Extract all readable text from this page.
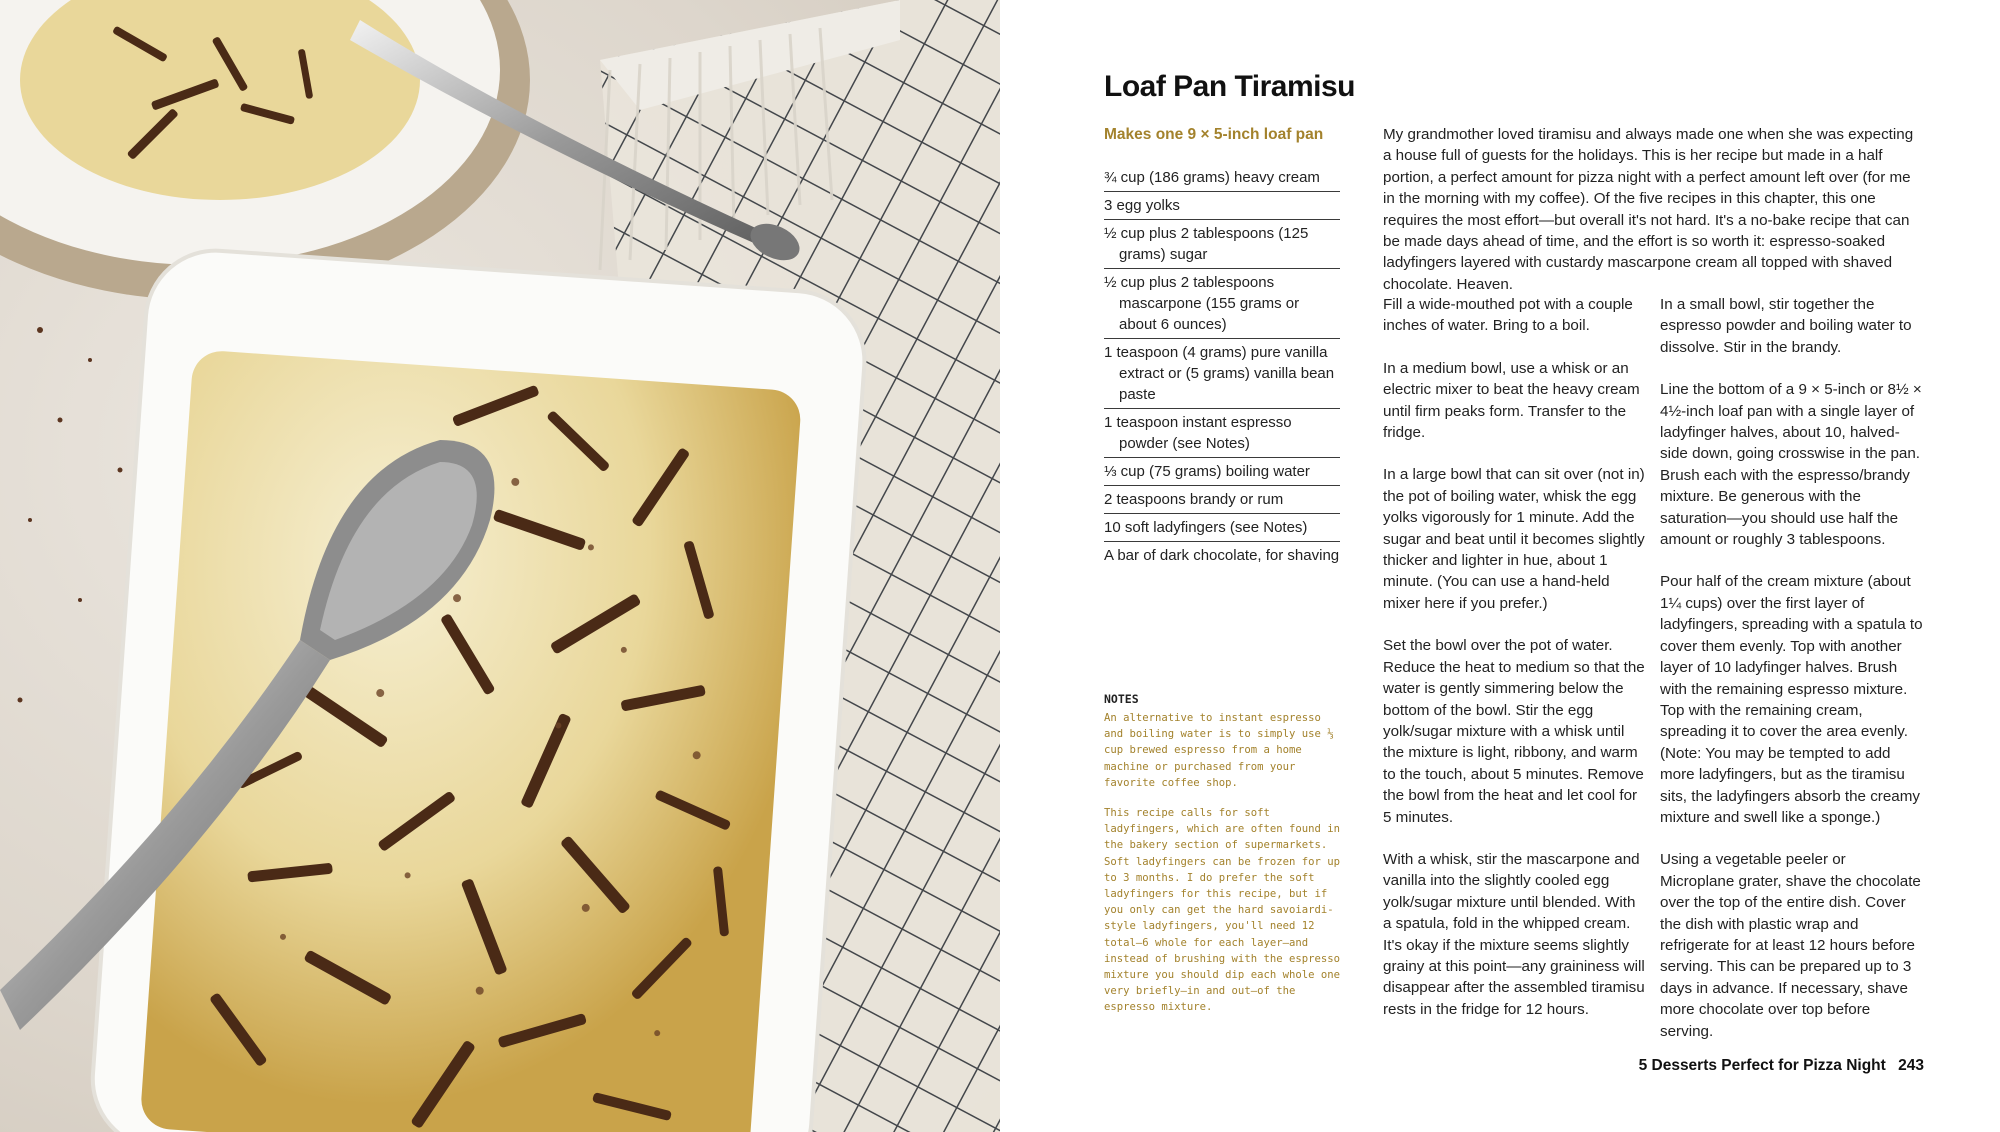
Loaf Pan Tiramisu
Makes one 9 × 5-inch loaf pan
¾ cup (186 grams) heavy cream
3 egg yolks
½ cup plus 2 tablespoons (125 grams) sugar
½ cup plus 2 tablespoons mascarpone (155 grams or about 6 ounces)
1 teaspoon (4 grams) pure vanilla extract or (5 grams) vanilla bean paste
1 teaspoon instant espresso powder (see Notes)
⅓ cup (75 grams) boiling water
2 teaspoons brandy or rum
10 soft ladyfingers (see Notes)
A bar of dark chocolate, for shaving
NOTES

An alternative to instant espresso and boiling water is to simply use ⅓ cup brewed espresso from a home machine or purchased from your favorite coffee shop.

This recipe calls for soft ladyfingers, which are often found in the bakery section of supermarkets. Soft ladyfingers can be frozen for up to 3 months. I do prefer the soft ladyfingers for this recipe, but if you only can get the hard savoiardi-style ladyfingers, you'll need 12 total—6 whole for each layer—and instead of brushing with the espresso mixture you should dip each whole one very briefly—in and out—of the espresso mixture.

My grandmother loved tiramisu and always made one when she was expecting a house full of guests for the holidays. This is her recipe but made in a half portion, a perfect amount for pizza night with a perfect amount left over (for me in the morning with my coffee). Of the five recipes in this chapter, this one requires the most effort—but overall it's not hard. It's a no-bake recipe that can be made days ahead of time, and the effort is so worth it: espresso-soaked ladyfingers layered with custardy mascarpone cream all topped with shaved chocolate. Heaven.

Fill a wide-mouthed pot with a couple inches of water. Bring to a boil.

In a medium bowl, use a whisk or an electric mixer to beat the heavy cream until firm peaks form. Transfer to the fridge.

In a large bowl that can sit over (not in) the pot of boiling water, whisk the egg yolks vigorously for 1 minute. Add the sugar and beat until it becomes slightly thicker and lighter in hue, about 1 minute. (You can use a hand-held mixer here if you prefer.)

Set the bowl over the pot of water. Reduce the heat to medium so that the water is gently simmering below the bottom of the bowl. Stir the egg yolk/sugar mixture with a whisk until the mixture is light, ribbony, and warm to the touch, about 5 minutes. Remove the bowl from the heat and let cool for 5 minutes.

With a whisk, stir the mascarpone and vanilla into the slightly cooled egg yolk/sugar mixture until blended. With a spatula, fold in the whipped cream. It's okay if the mixture seems slightly grainy at this point—any graininess will disappear after the assembled tiramisu rests in the fridge for 12 hours.

In a small bowl, stir together the espresso powder and boiling water to dissolve. Stir in the brandy.

Line the bottom of a 9 × 5-inch or 8½ × 4½-inch loaf pan with a single layer of ladyfinger halves, about 10, halved-side down, going crosswise in the pan. Brush each with the espresso/brandy mixture. Be generous with the saturation—you should use half the amount or roughly 3 tablespoons.

Pour half of the cream mixture (about 1¼ cups) over the first layer of ladyfingers, spreading with a spatula to cover them evenly. Top with another layer of 10 ladyfinger halves. Brush with the remaining espresso mixture. Top with the remaining cream, spreading it to cover the area evenly. (Note: You may be tempted to add more ladyfingers, but as the tiramisu sits, the ladyfingers absorb the creamy mixture and swell like a sponge.)

Using a vegetable peeler or Microplane grater, shave the chocolate over the top of the entire dish. Cover the dish with plastic wrap and refrigerate for at least 12 hours before serving. This can be prepared up to 3 days in advance. If necessary, shave more chocolate over top before serving.

5 Desserts Perfect for Pizza Night 243
